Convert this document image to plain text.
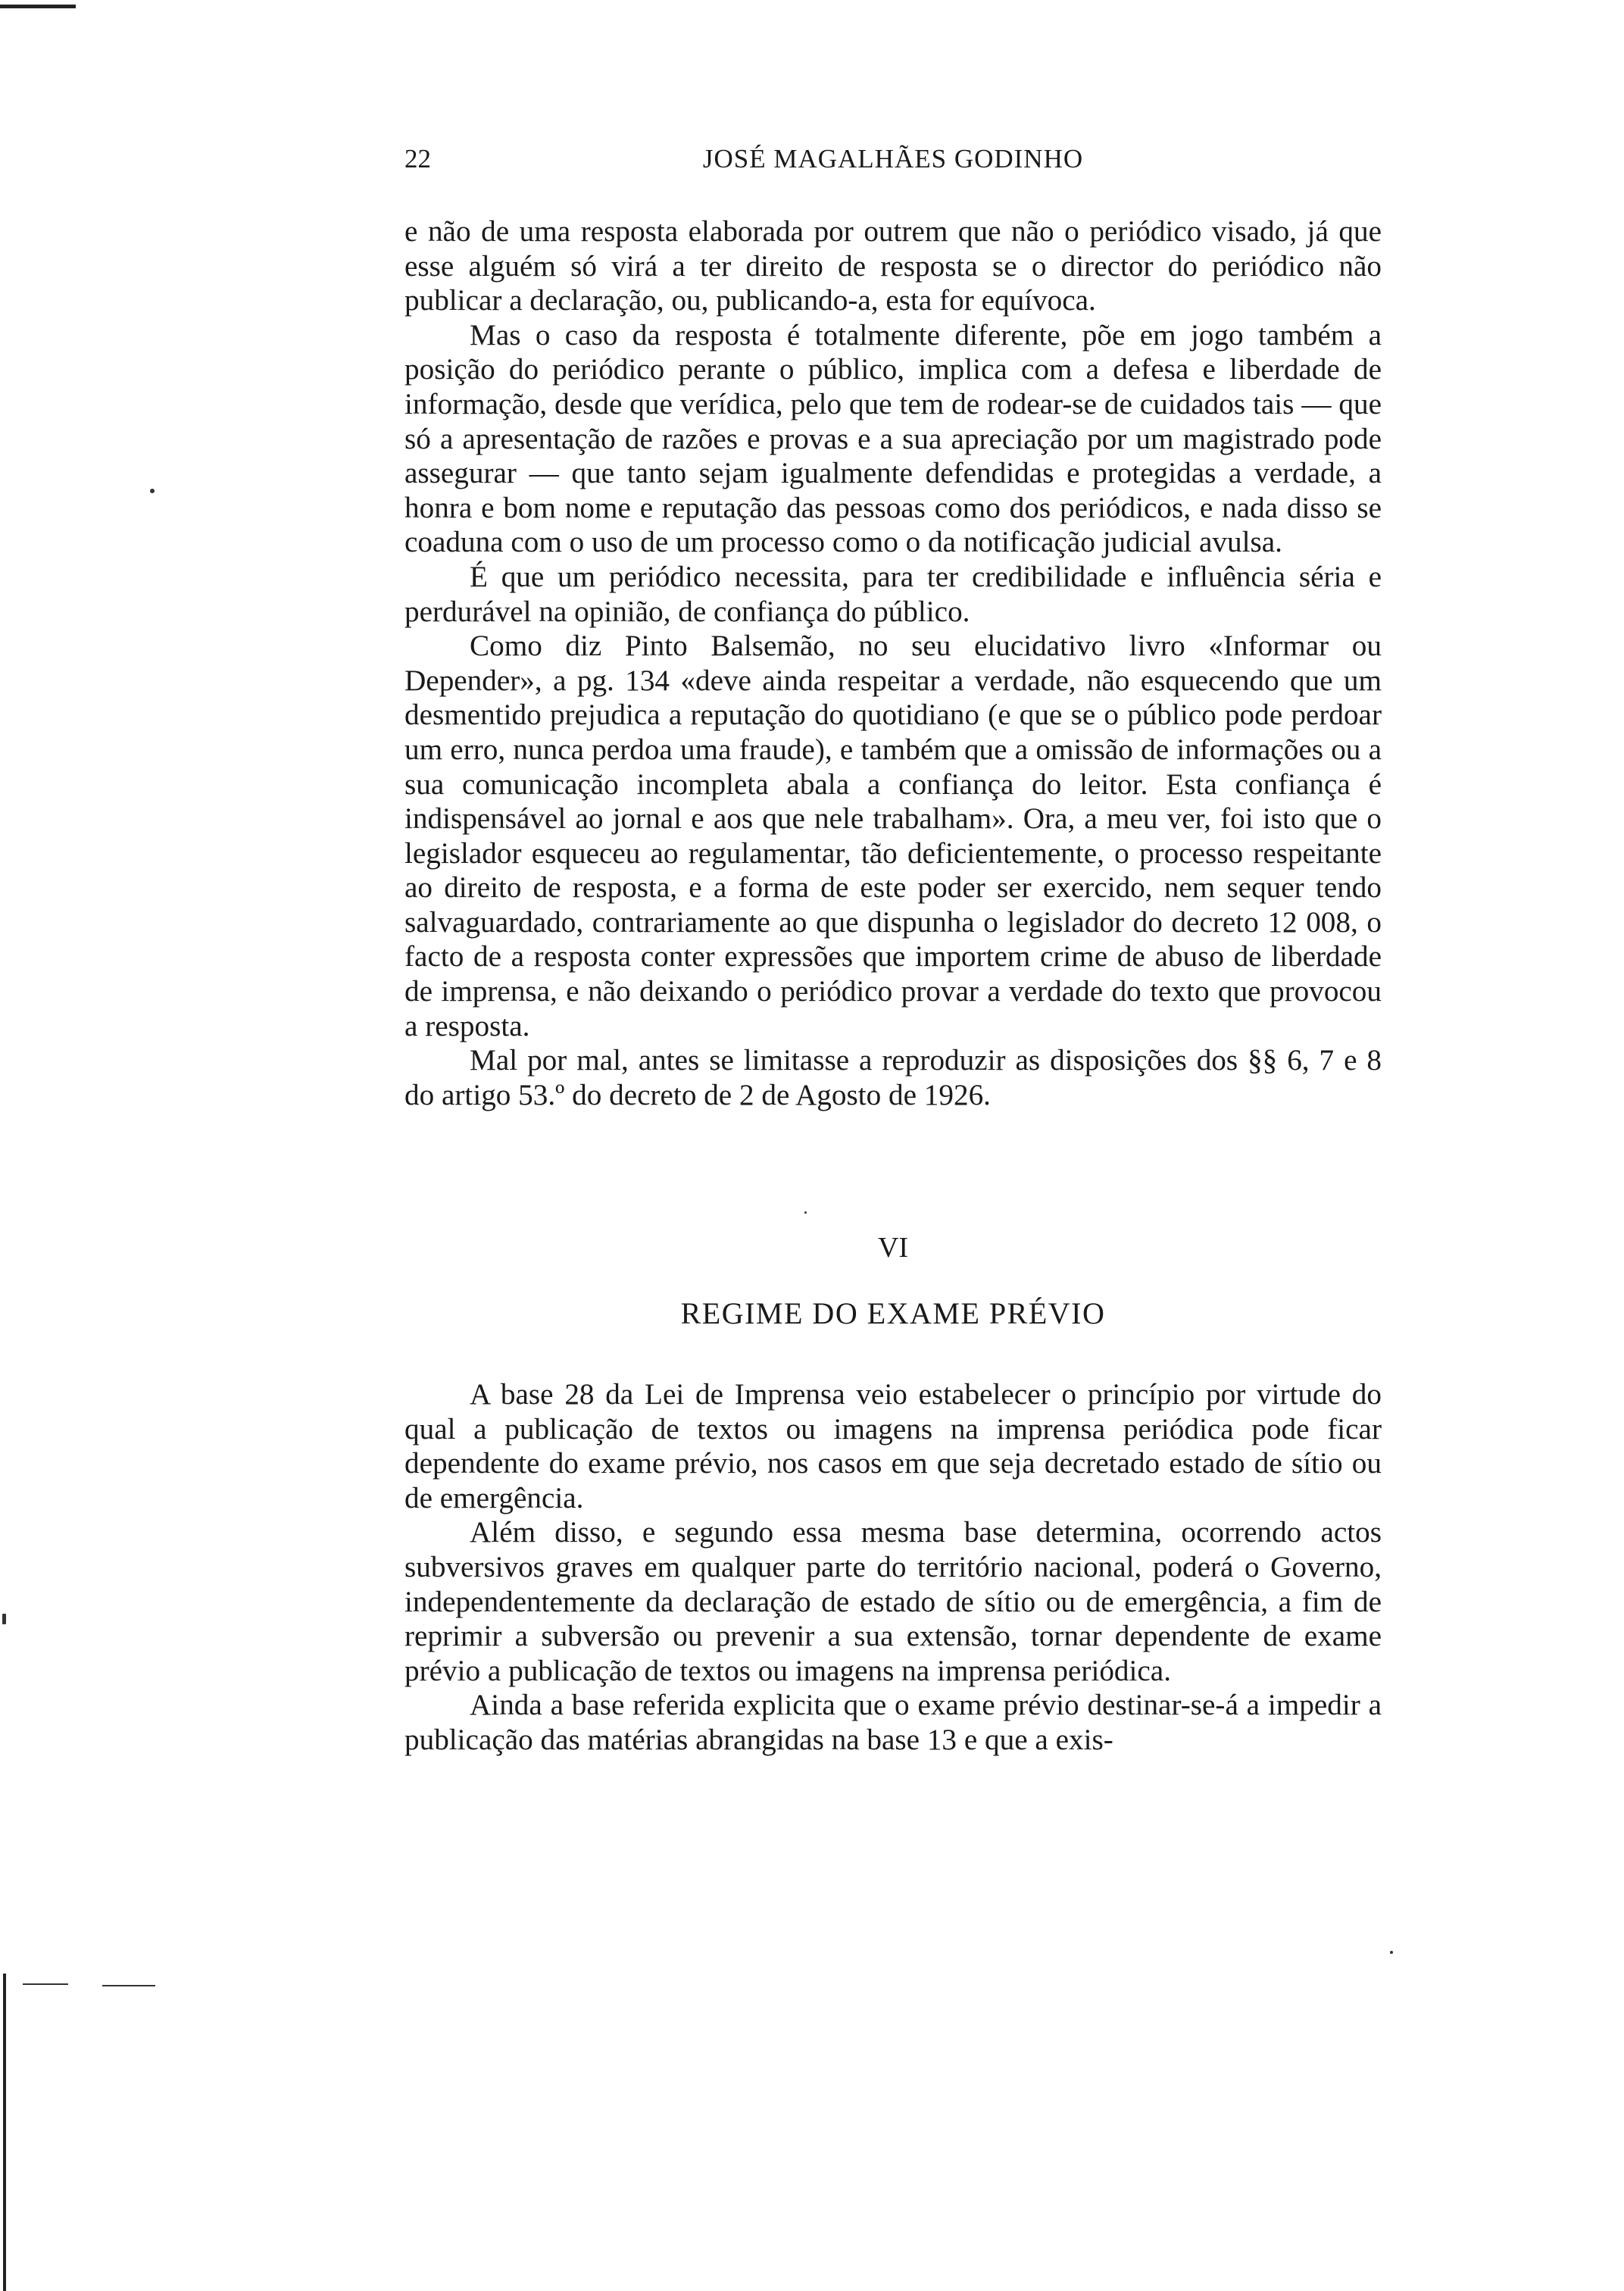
22	JOSÉ MAGALHÃES GODINHO

e não de uma resposta elaborada por outrem que não o periódico visado, já que esse alguém só virá a ter direito de resposta se o director do periódico não publicar a declaração, ou, publicando-a, esta for equívoca.

Mas o caso da resposta é totalmente diferente, põe em jogo também a posição do periódico perante o público, implica com a defesa e liberdade de informação, desde que verídica, pelo que tem de rodear-se de cuidados tais — que só a apresentação de razões e provas e a sua apreciação por um magistrado pode assegurar — que tanto sejam igualmente defendidas e protegidas a verdade, a honra e bom nome e reputação das pessoas como dos periódicos, e nada disso se coaduna com o uso de um processo como o da notificação judicial avulsa.

É que um periódico necessita, para ter credibilidade e influência séria e perdurável na opinião, de confiança do público.

Como diz Pinto Balsemão, no seu elucidativo livro «Informar ou Depender», a pg. 134 «deve ainda respeitar a verdade, não esquecendo que um desmentido prejudica a reputação do quotidiano (e que se o público pode perdoar um erro, nunca perdoa uma fraude), e também que a omissão de informações ou a sua comunicação incompleta abala a confiança do leitor. Esta confiança é indispensável ao jornal e aos que nele trabalham». Ora, a meu ver, foi isto que o legislador esqueceu ao regulamentar, tão deficientemente, o processo respeitante ao direito de resposta, e a forma de este poder ser exercido, nem sequer tendo salvaguardado, contrariamente ao que dispunha o legislador do decreto 12 008, o facto de a resposta conter expressões que importem crime de abuso de liberdade de imprensa, e não deixando o periódico provar a verdade do texto que provocou a resposta.

Mal por mal, antes se limitasse a reproduzir as disposições dos §§ 6, 7 e 8 do artigo 53.º do decreto de 2 de Agosto de 1926.

VI
REGIME DO EXAME PRÉVIO

A base 28 da Lei de Imprensa veio estabelecer o princípio por virtude do qual a publicação de textos ou imagens na imprensa periódica pode ficar dependente do exame prévio, nos casos em que seja decretado estado de sítio ou de emergência.

Além disso, e segundo essa mesma base determina, ocorrendo actos subversivos graves em qualquer parte do território nacional, poderá o Governo, independentemente da declaração de estado de sítio ou de emergência, a fim de reprimir a subversão ou prevenir a sua extensão, tornar dependente de exame prévio a publicação de textos ou imagens na imprensa periódica.

Ainda a base referida explicita que o exame prévio destinar-se-á a impedir a publicação das matérias abrangidas na base 13 e que a exis-
